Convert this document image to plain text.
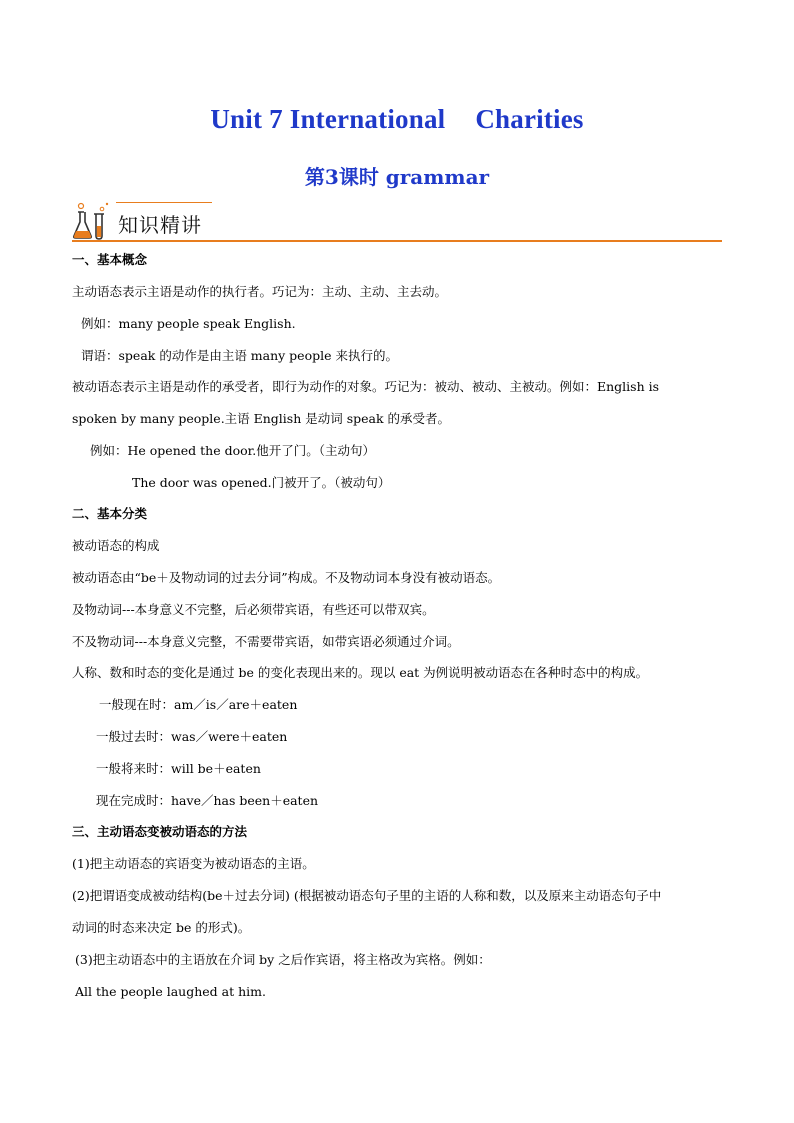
Unit 7 International Charities
第3课时 grammar
知识精讲
一、基本概念
主动语态表示主语是动作的执行者。巧记为：主动、主动、主去动。
例如：many people speak English.
谓语：speak 的动作是由主语 many people 来执行的。
被动语态表示主语是动作的承受者，即行为动作的对象。巧记为：被动、被动、主被动。例如：English is
spoken by many people.主语 English 是动词 speak 的承受者。
例如：He opened the door.他开了门。（主动句）
The door was opened.门被开了。（被动句）
二、基本分类
被动语态的构成
被动语态由“be＋及物动词的过去分词”构成。不及物动词本身没有被动语态。
及物动词---本身意义不完整，后必须带宾语，有些还可以带双宾。
不及物动词---本身意义完整，不需要带宾语，如带宾语必须通过介词。
人称、数和时态的变化是通过 be 的变化表现出来的。现以 eat 为例说明被动语态在各种时态中的构成。
一般现在时：am／is／are＋eaten
一般过去时：was／were＋eaten
一般将来时：will be＋eaten
现在完成时：have／has been＋eaten
三、主动语态变被动语态的方法
(1)把主动语态的宾语变为被动语态的主语。
(2)把谓语变成被动结构(be＋过去分词) (根据被动语态句子里的主语的人称和数，以及原来主动语态句子中
动词的时态来决定 be 的形式)。
(3)把主动语态中的主语放在介词 by 之后作宾语，将主格改为宾格。例如：
All the people laughed at him.
